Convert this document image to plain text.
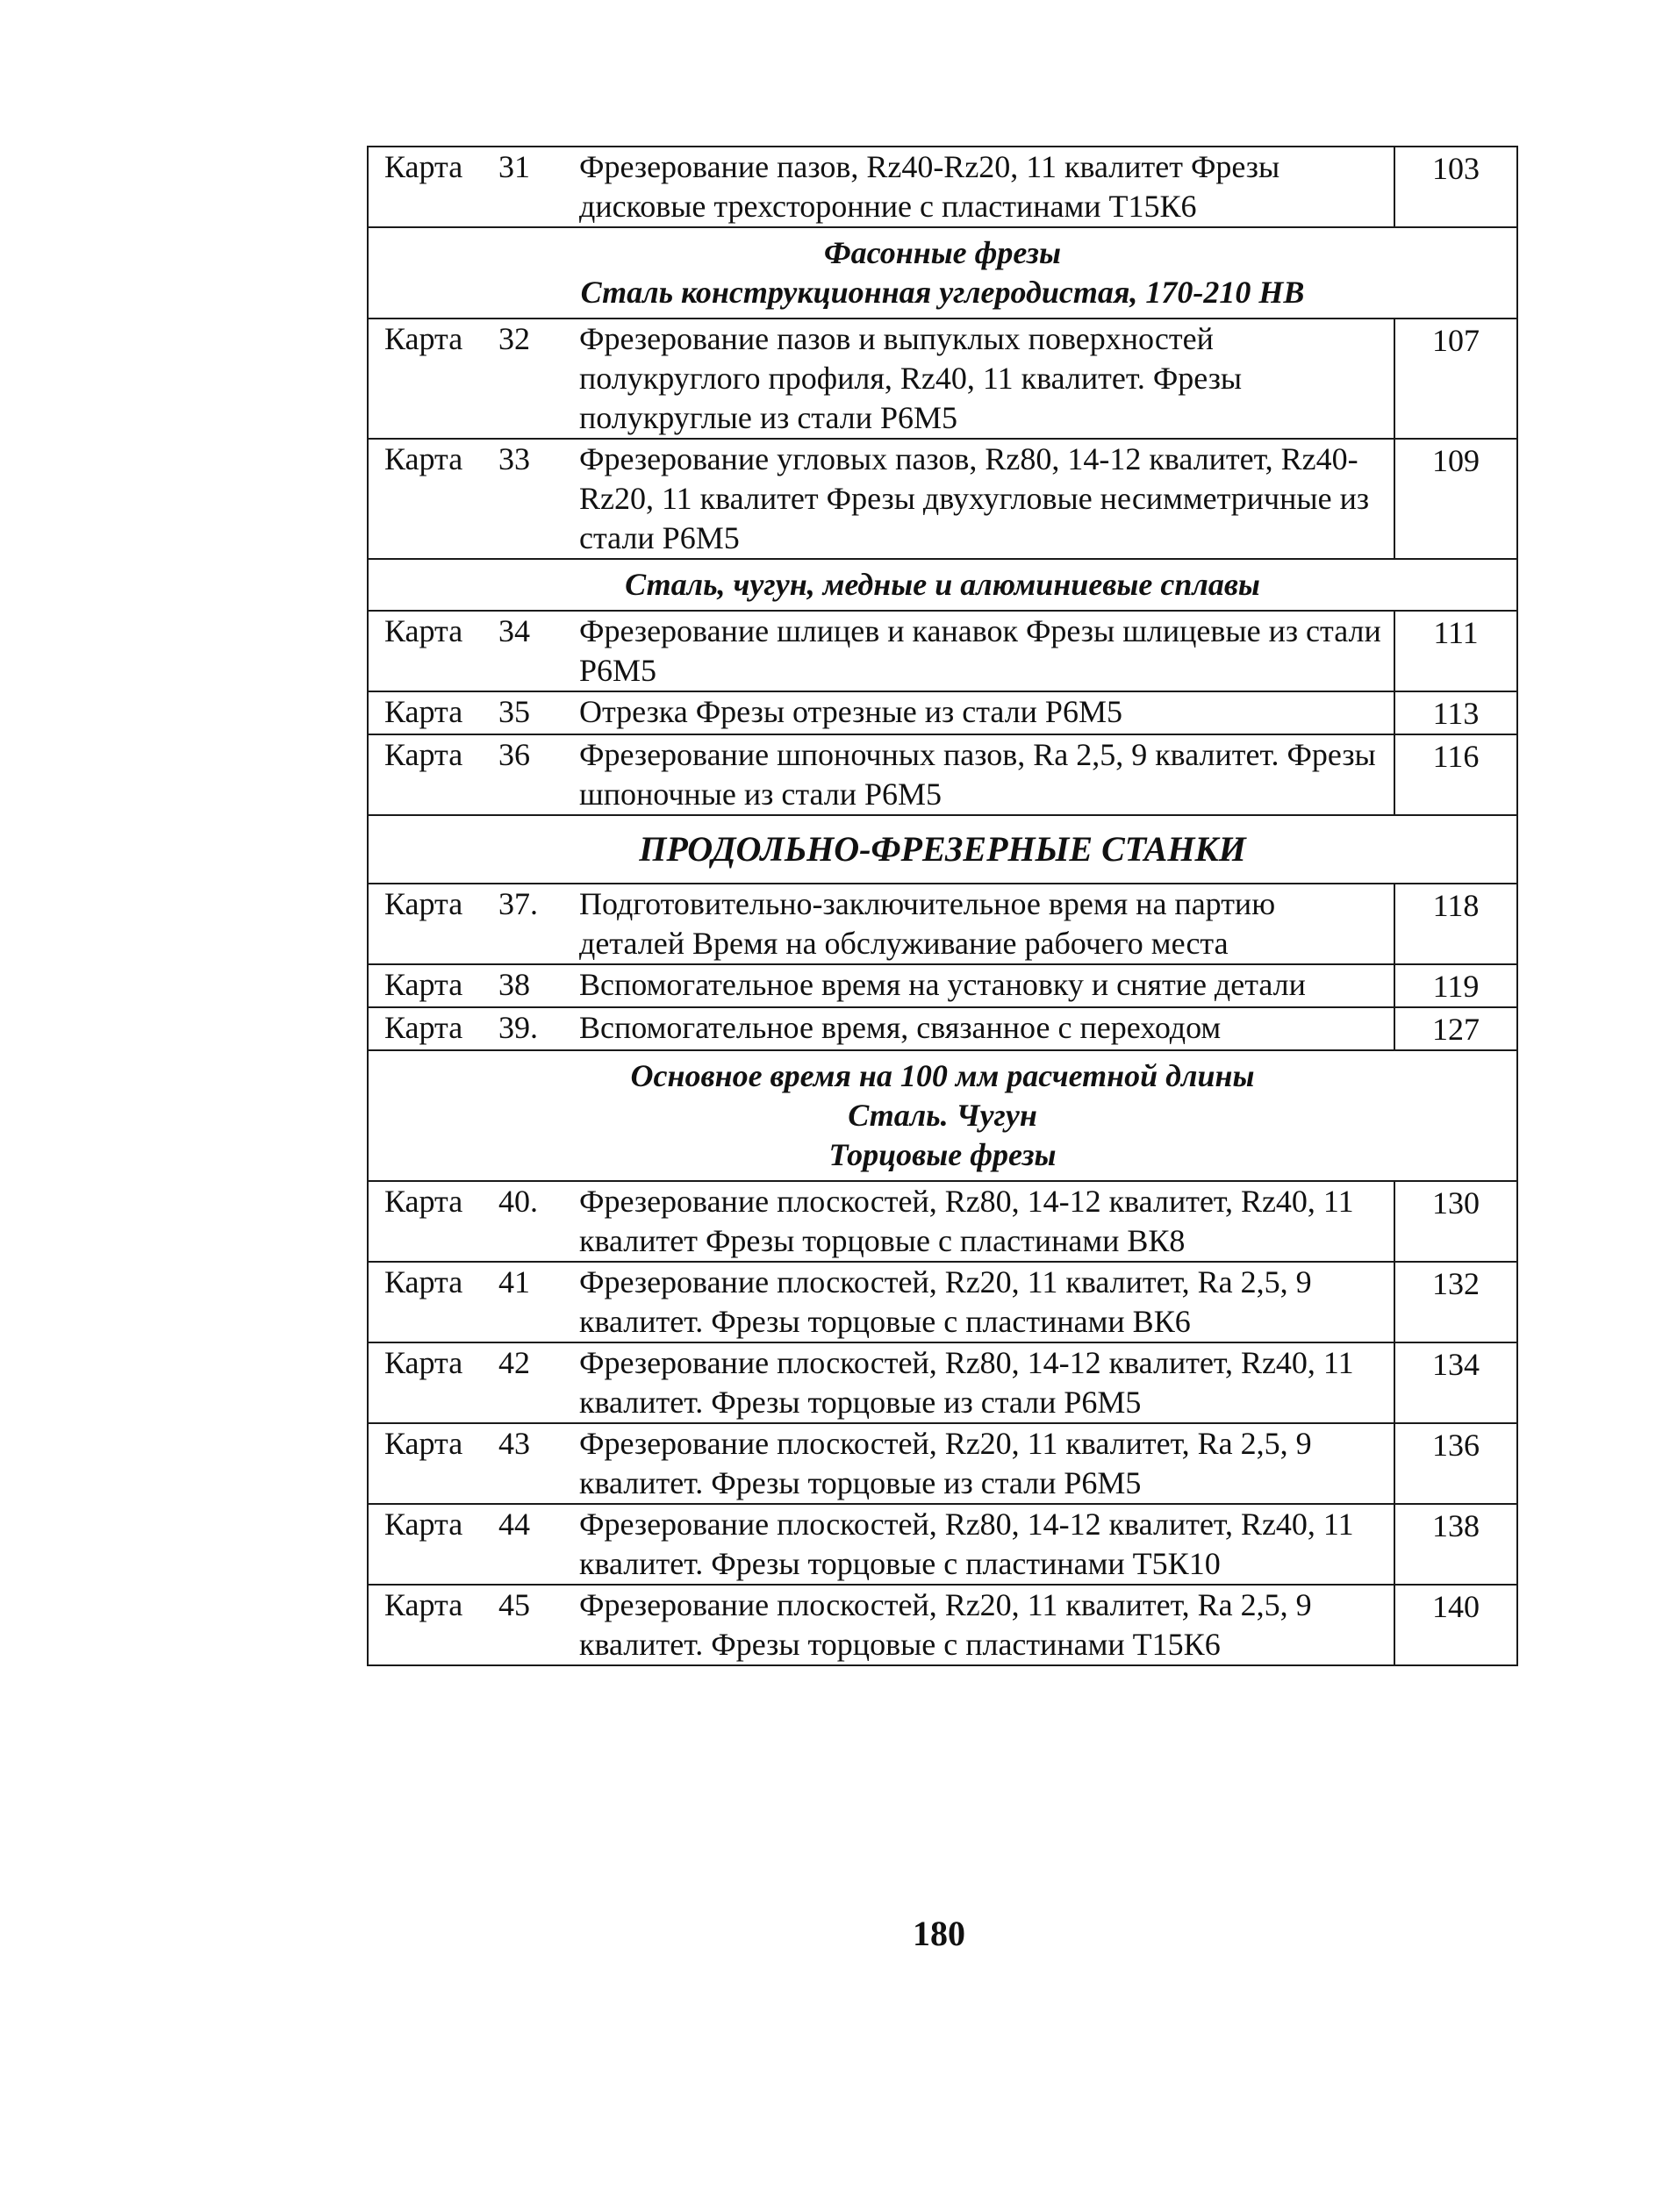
Карта 31 Фрезерование пазов, Rz40-Rz20, 11 квалитет Фрезы дисковые трехсторонние с пластинами Т15К6	103

Фасонные фрезы
Сталь конструкционная углеродистая, 170-210 НВ	

Карта 32 Фрезерование пазов и выпуклых поверхностей полукруглого профиля, Rz40, 11 квалитет. Фрезы полукруглые из стали Р6М5	107

Карта 33 Фрезерование угловых пазов, Rz80, 14-12 квалитет, Rz40- Rz20, 11 квалитет Фрезы двухугловые несимметричные из стали Р6М5	109

Сталь, чугун, медные и алюминиевые сплавы	

Карта 34 Фрезерование шлицев и канавок Фрезы шлицевые из стали Р6М5	111

Карта 35 Отрезка Фрезы отрезные из стали Р6М5	113

Карта 36 Фрезерование шпоночных пазов, Ra 2,5, 9 квалитет. Фрезы шпоночные из стали Р6М5	116

ПРОДОЛЬНО-ФРЕЗЕРНЫЕ СТАНКИ	

Карта 37. Подготовительно-заключительное время на партию деталей Время на обслуживание рабочего места	118

Карта 38 Вспомогательное время на установку и снятие детали	119

Карта 39. Вспомогательное время, связанное с переходом	127

Основное время на 100 мм расчетной длины
Сталь. Чугун
Торцовые фрезы	

Карта 40. Фрезерование плоскостей, Rz80, 14-12 квалитет, Rz40, 11 квалитет Фрезы торцовые с пластинами ВК8	130

Карта 41 Фрезерование плоскостей, Rz20, 11 квалитет, Ra 2,5, 9 квалитет. Фрезы торцовые с пластинами ВК6	132

Карта 42 Фрезерование плоскостей, Rz80, 14-12 квалитет, Rz40, 11 квалитет. Фрезы торцовые из стали Р6М5	134

Карта 43 Фрезерование плоскостей, Rz20, 11 квалитет, Ra 2,5, 9 квалитет. Фрезы торцовые из стали Р6М5	136

Карта 44 Фрезерование плоскостей, Rz80, 14-12 квалитет, Rz40, 11 квалитет. Фрезы торцовые с пластинами Т5К10	138

Карта 45 Фрезерование плоскостей, Rz20, 11 квалитет, Ra 2,5, 9 квалитет. Фрезы торцовые с пластинами Т15К6	140
180
